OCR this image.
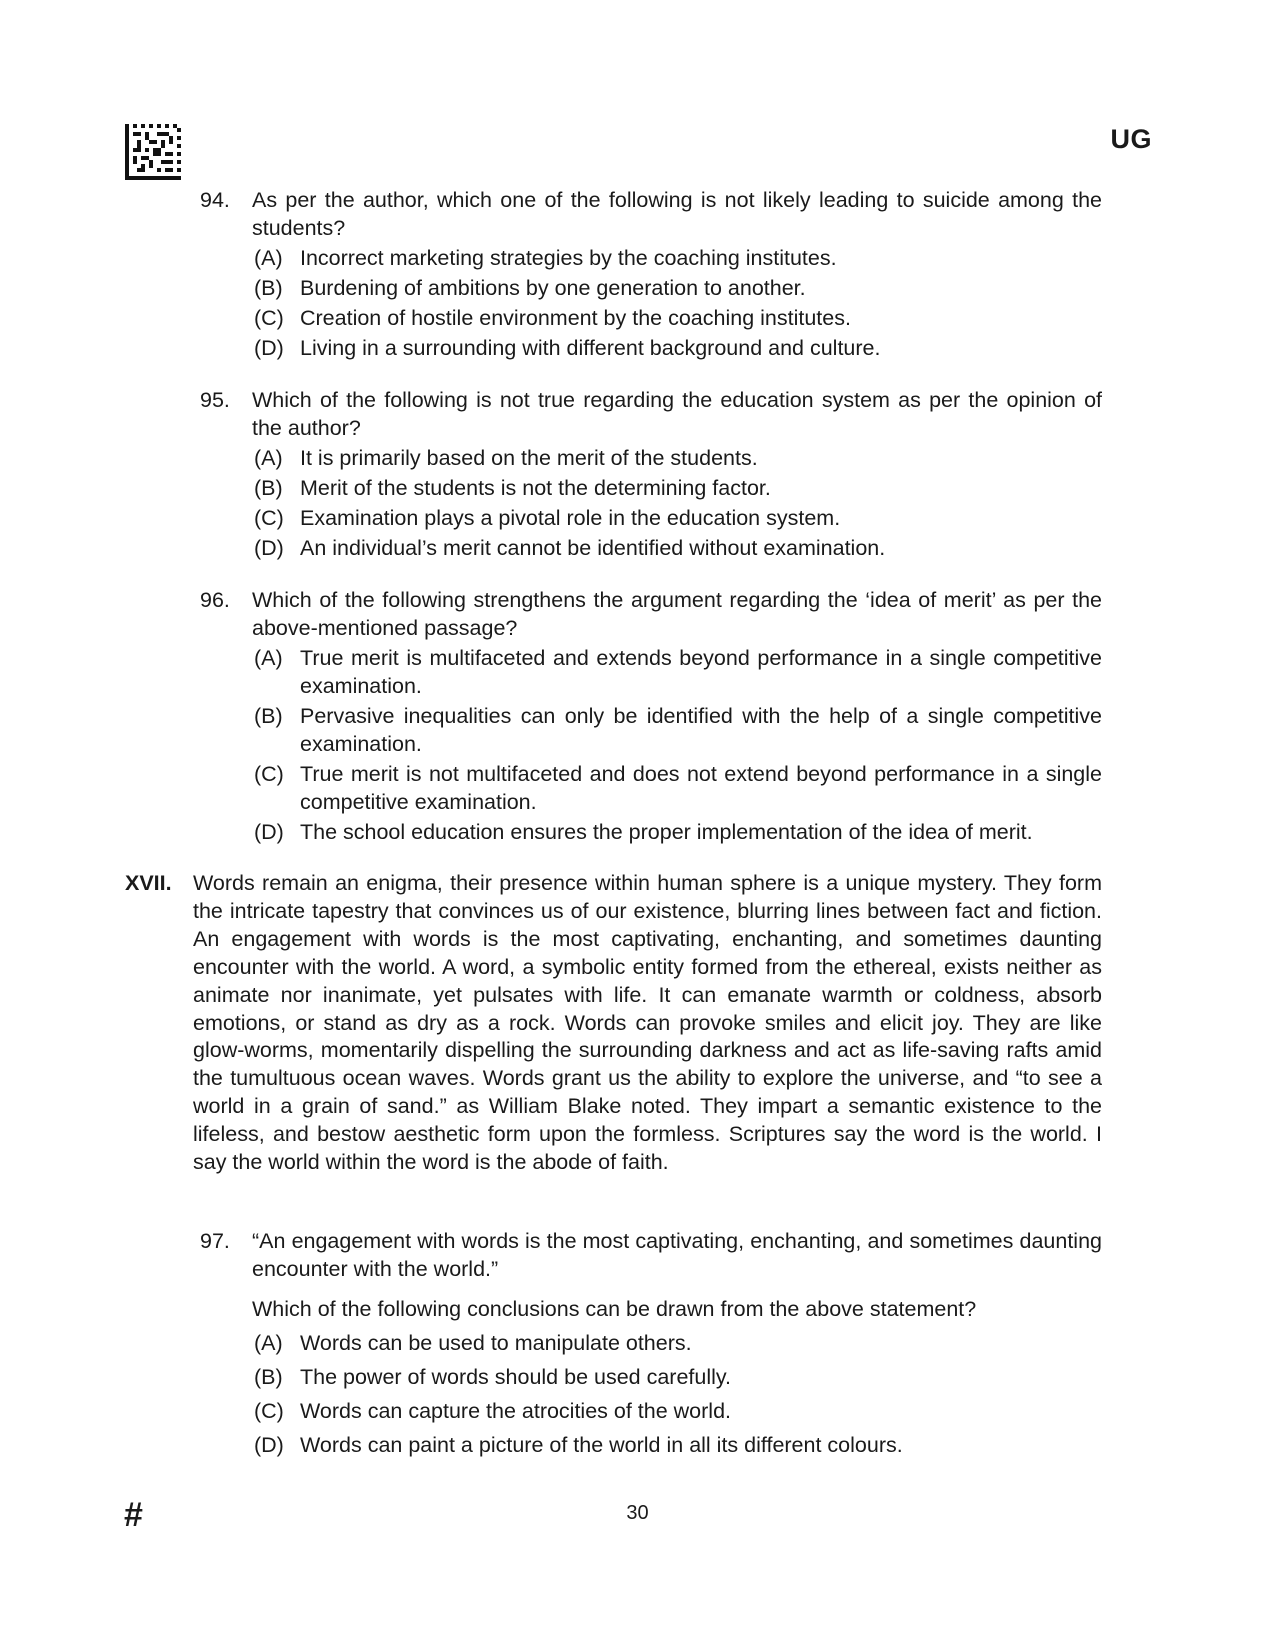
UG
94.	As per the author, which one of the following is not likely leading to suicide among the students?
(A) Incorrect marketing strategies by the coaching institutes.
(B) Burdening of ambitions by one generation to another.
(C) Creation of hostile environment by the coaching institutes.
(D) Living in a surrounding with different background and culture.
95.	Which of the following is not true regarding the education system as per the opinion of the author?
(A) It is primarily based on the merit of the students.
(B) Merit of the students is not the determining factor.
(C) Examination plays a pivotal role in the education system.
(D) An individual’s merit cannot be identified without examination.
96.	Which of the following strengthens the argument regarding the ‘idea of merit’ as per the above-mentioned passage?
(A) True merit is multifaceted and extends beyond performance in a single competitive examination.
(B) Pervasive inequalities can only be identified with the help of a single competitive examination.
(C) True merit is not multifaceted and does not extend beyond performance in a single competitive examination.
(D) The school education ensures the proper implementation of the idea of merit.
XVII. Words remain an enigma, their presence within human sphere is a unique mystery. They form the intricate tapestry that convinces us of our existence, blurring lines between fact and fiction. An engagement with words is the most captivating, enchanting, and sometimes daunting encounter with the world. A word, a symbolic entity formed from the ethereal, exists neither as animate nor inanimate, yet pulsates with life. It can emanate warmth or coldness, absorb emotions, or stand as dry as a rock. Words can provoke smiles and elicit joy. They are like glow-worms, momentarily dispelling the surrounding darkness and act as life-saving rafts amid the tumultuous ocean waves. Words grant us the ability to explore the universe, and “to see a world in a grain of sand.” as William Blake noted. They impart a semantic existence to the lifeless, and bestow aesthetic form upon the formless. Scriptures say the word is the world. I say the world within the word is the abode of faith.
97.	“An engagement with words is the most captivating, enchanting, and sometimes daunting encounter with the world.”
Which of the following conclusions can be drawn from the above statement?
(A) Words can be used to manipulate others.
(B) The power of words should be used carefully.
(C) Words can capture the atrocities of the world.
(D) Words can paint a picture of the world in all its different colours.
#	30
